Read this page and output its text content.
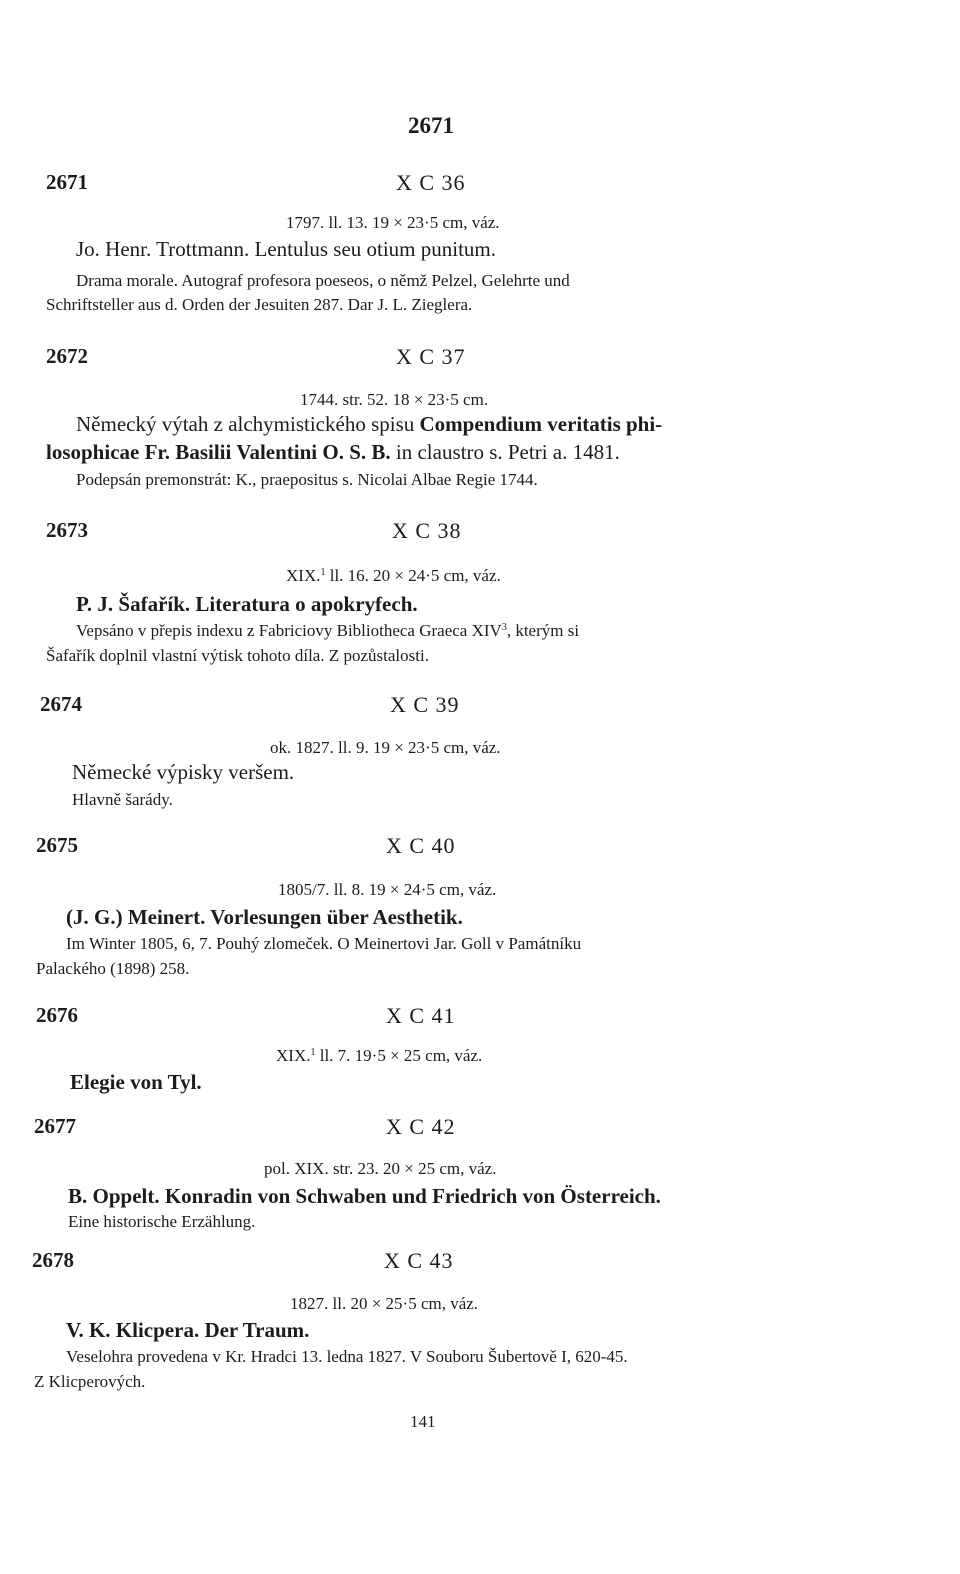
2671
2671	X C 36
1797. ll. 13. 19 × 23·5 cm, váz.
Jo. Henr. Trottmann. Lentulus seu otium punitum.
Drama morale. Autograf profesora poeseos, o němž Pelzel, Gelehrte und
Schriftsteller aus d. Orden der Jesuiten 287. Dar J. L. Zieglera.
2672	X C 37
1744. str. 52. 18 × 23·5 cm.
Německý výtah z alchymistického spisu Compendium veritatis phi-
losophicae Fr. Basilii Valentini O. S. B. in claustro s. Petri a. 1481.
Podepsán premonstrát: K., praepositus s. Nicolai Albae Regie 1744.
2673	X C 38
XIX.$^1$ ll. 16. 20 × 24·5 cm, váz.
P. J. Šafařík. Literatura o apokryfech.
Vepsáno v přepis indexu z Fabriciovy Bibliotheca Graeca XIV$^3$, kterým si
Šafařík doplnil vlastní výtisk tohoto díla. Z pozůstalosti.
2674	X C 39
ok. 1827. ll. 9. 19 × 23·5 cm, váz.
Německé výpisky veršem.
Hlavně šarády.
2675	X C 40
1805/7. ll. 8. 19 × 24·5 cm, váz.
(J. G.) Meinert. Vorlesungen über Aesthetik.
Im Winter 1805, 6, 7. Pouhý zlomeček. O Meinertovi Jar. Goll v Památníku
Palackého (1898) 258.
2676	X C 41
XIX.$^1$ ll. 7. 19·5 × 25 cm, váz.
Elegie von Tyl.
2677	X C 42
pol. XIX. str. 23. 20 × 25 cm, váz.
B. Oppelt. Konradin von Schwaben und Friedrich von Österreich.
Eine historische Erzählung.
2678	X C 43
1827. ll. 20 × 25·5 cm, váz.
V. K. Klicpera. Der Traum.
Veselohra provedena v Kr. Hradci 13. ledna 1827. V Souboru Šubertově I, 620-45.
Z Klicperových.
141
